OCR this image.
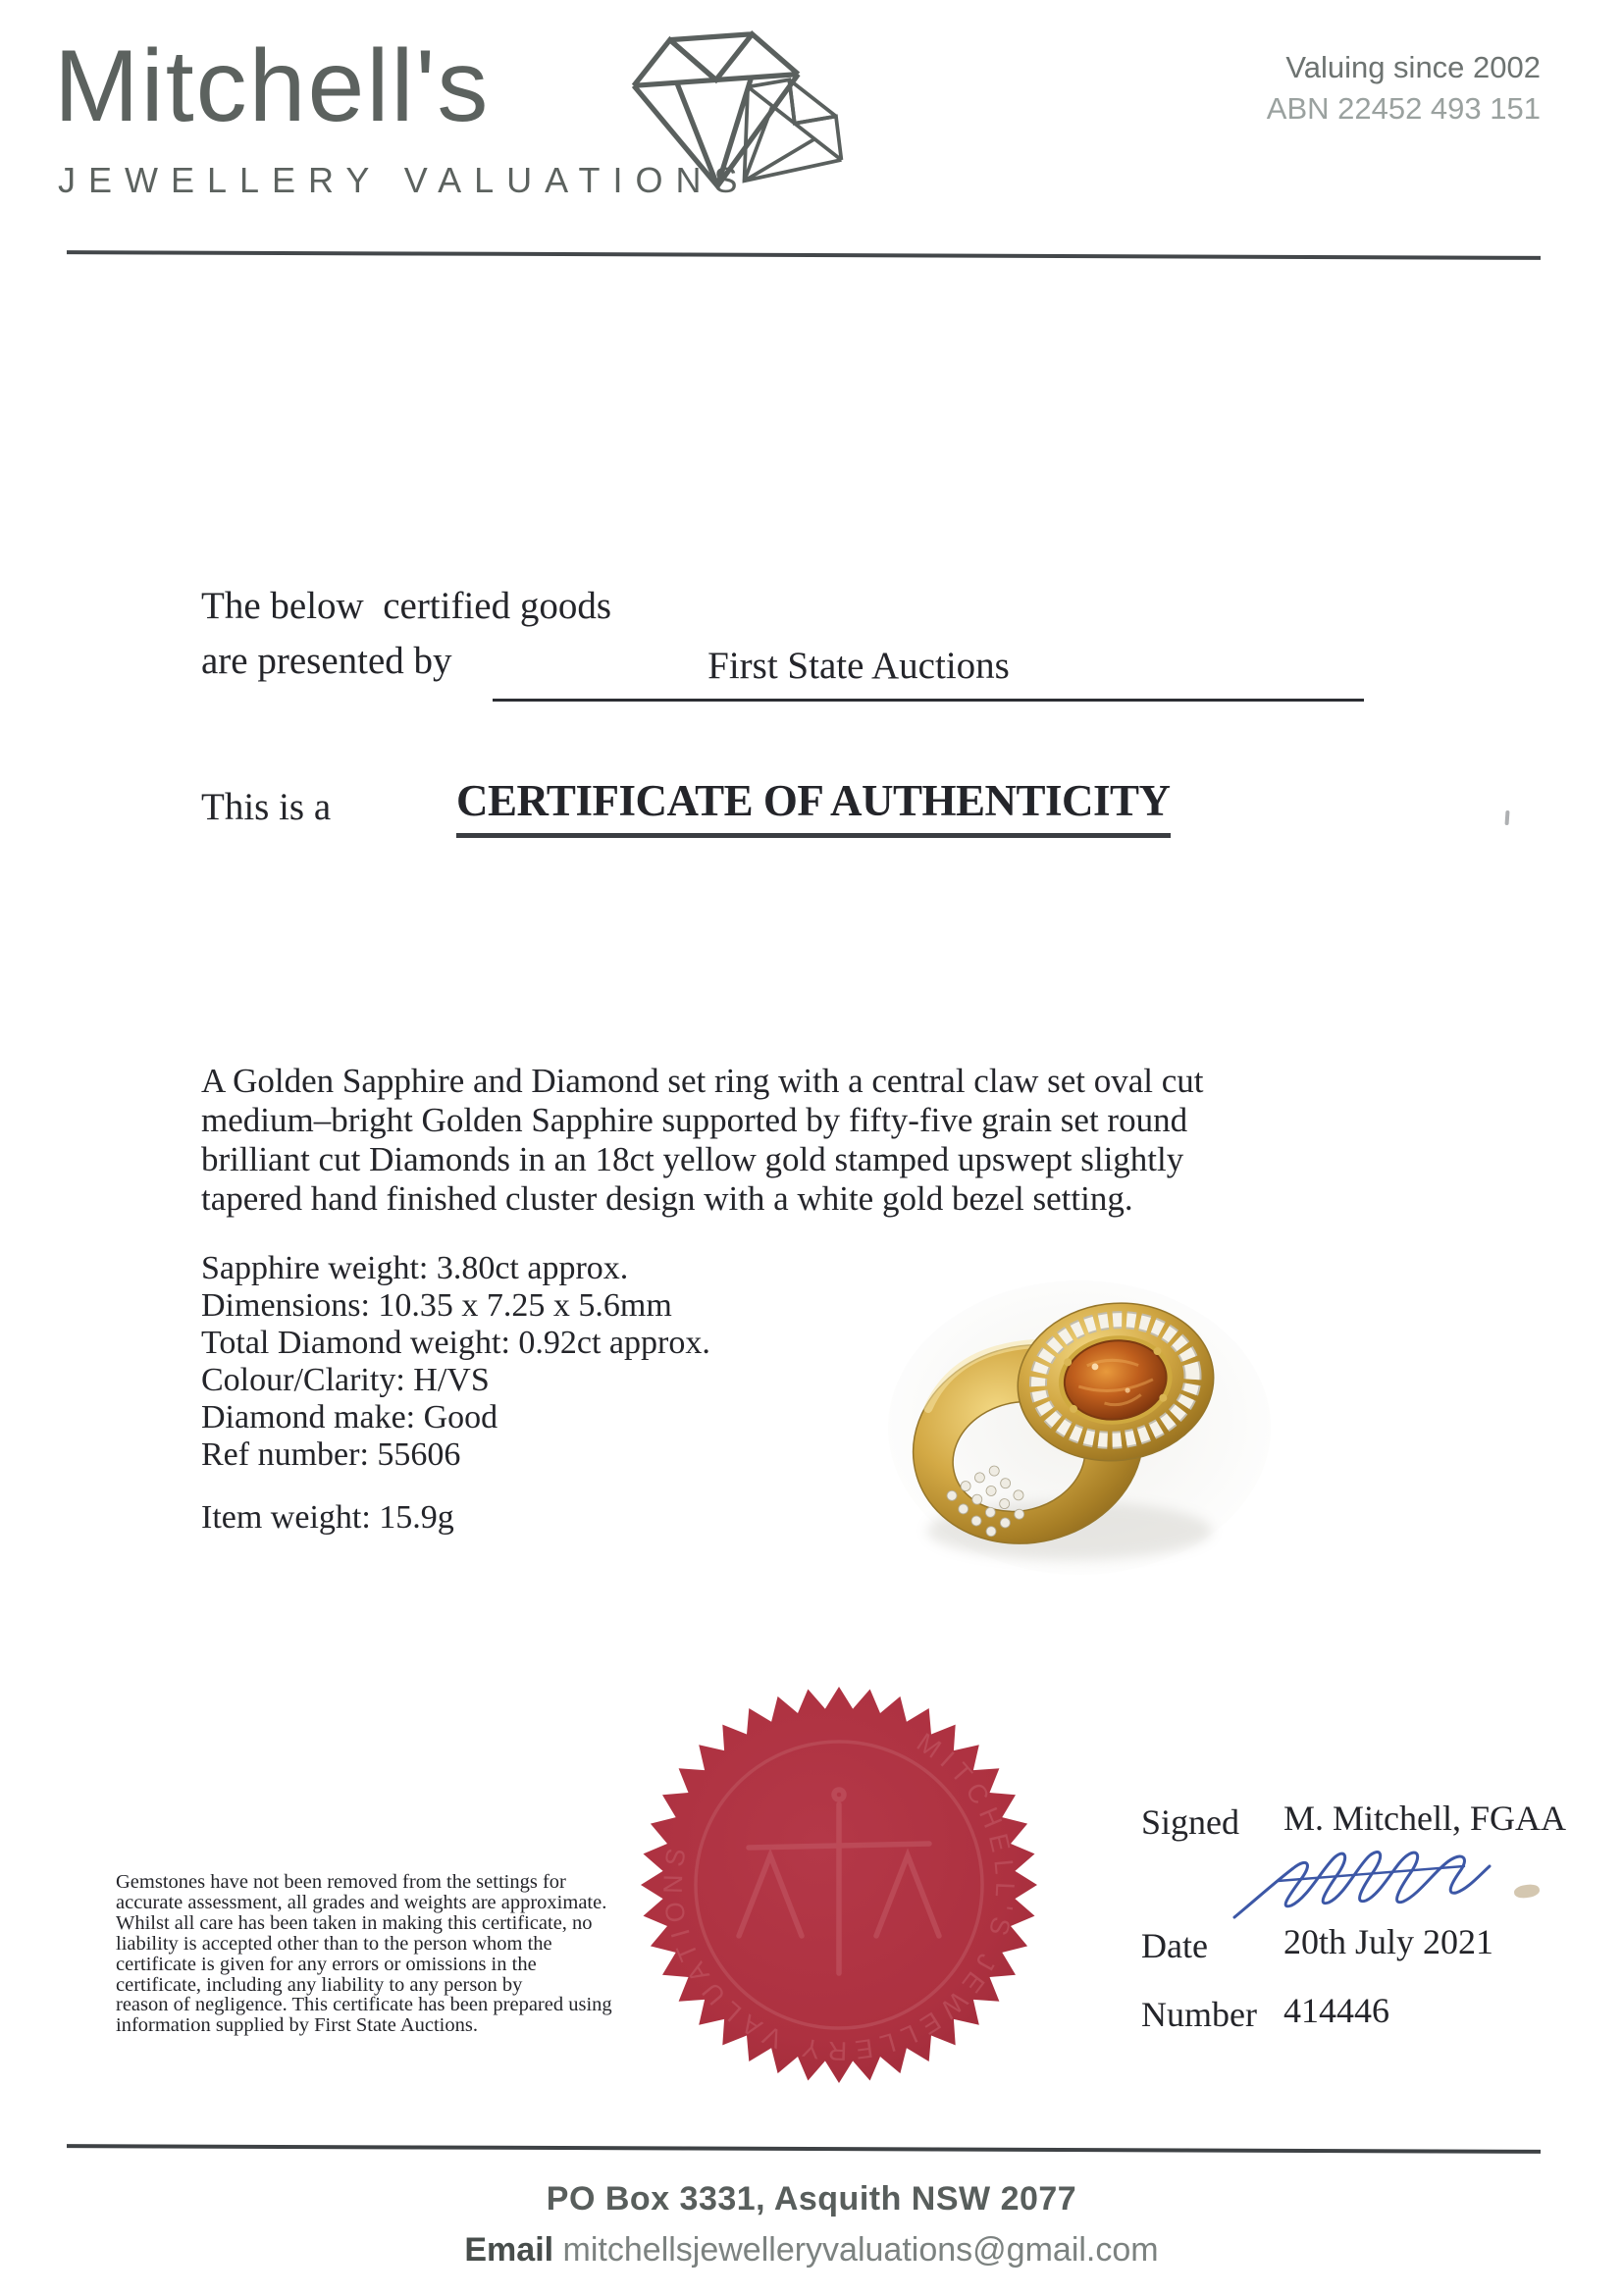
Mitchell's
JEWELLERY VALUATIONS
Valuing since 2002
ABN 22452 493 151
The below  certified goods
are presented by	First State Auctions
This is a	CERTIFICATE OF AUTHENTICITY
A Golden Sapphire and Diamond set ring with a central claw set oval cut
medium–bright Golden Sapphire supported by fifty-five grain set round
brilliant cut Diamonds in an 18ct yellow gold stamped upswept slightly
tapered hand finished cluster design with a white gold bezel setting.
Sapphire weight: 3.80ct approx.
Dimensions: 10.35 x 7.25 x 5.6mm
Total Diamond weight: 0.92ct approx.
Colour/Clarity: H/VS
Diamond make: Good
Ref number: 55606
Item weight: 15.9g
MITCHELL'S JEWELLERY VALUATIONS
Signed M. Mitchell, FGAA
Date 20th July 2021
Number 414446
Gemstones have not been removed from the settings for
accurate assessment, all grades and weights are approximate.
Whilst all care has been taken in making this certificate, no
liability is accepted other than to the person whom the
certificate is given for any errors or omissions in the
certificate, including any liability to any person by
reason of negligence. This certificate has been prepared using
information supplied by First State Auctions.
PO Box 3331, Asquith NSW 2077
Email mitchellsjewelleryvaluations@gmail.com
